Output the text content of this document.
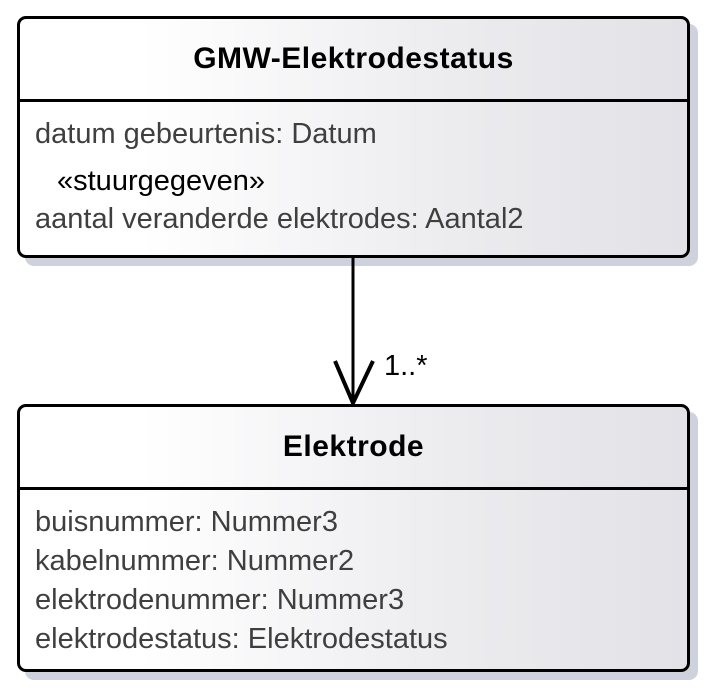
GMW-Elektrodestatus
datum gebeurtenis: Datum
«stuurgegeven»
aantal veranderde elektrodes: Aantal2
1..*
Elektrode
buisnummer: Nummer3
kabelnummer: Nummer2
elektrodenummer: Nummer3
elektrodestatus: Elektrodestatus
